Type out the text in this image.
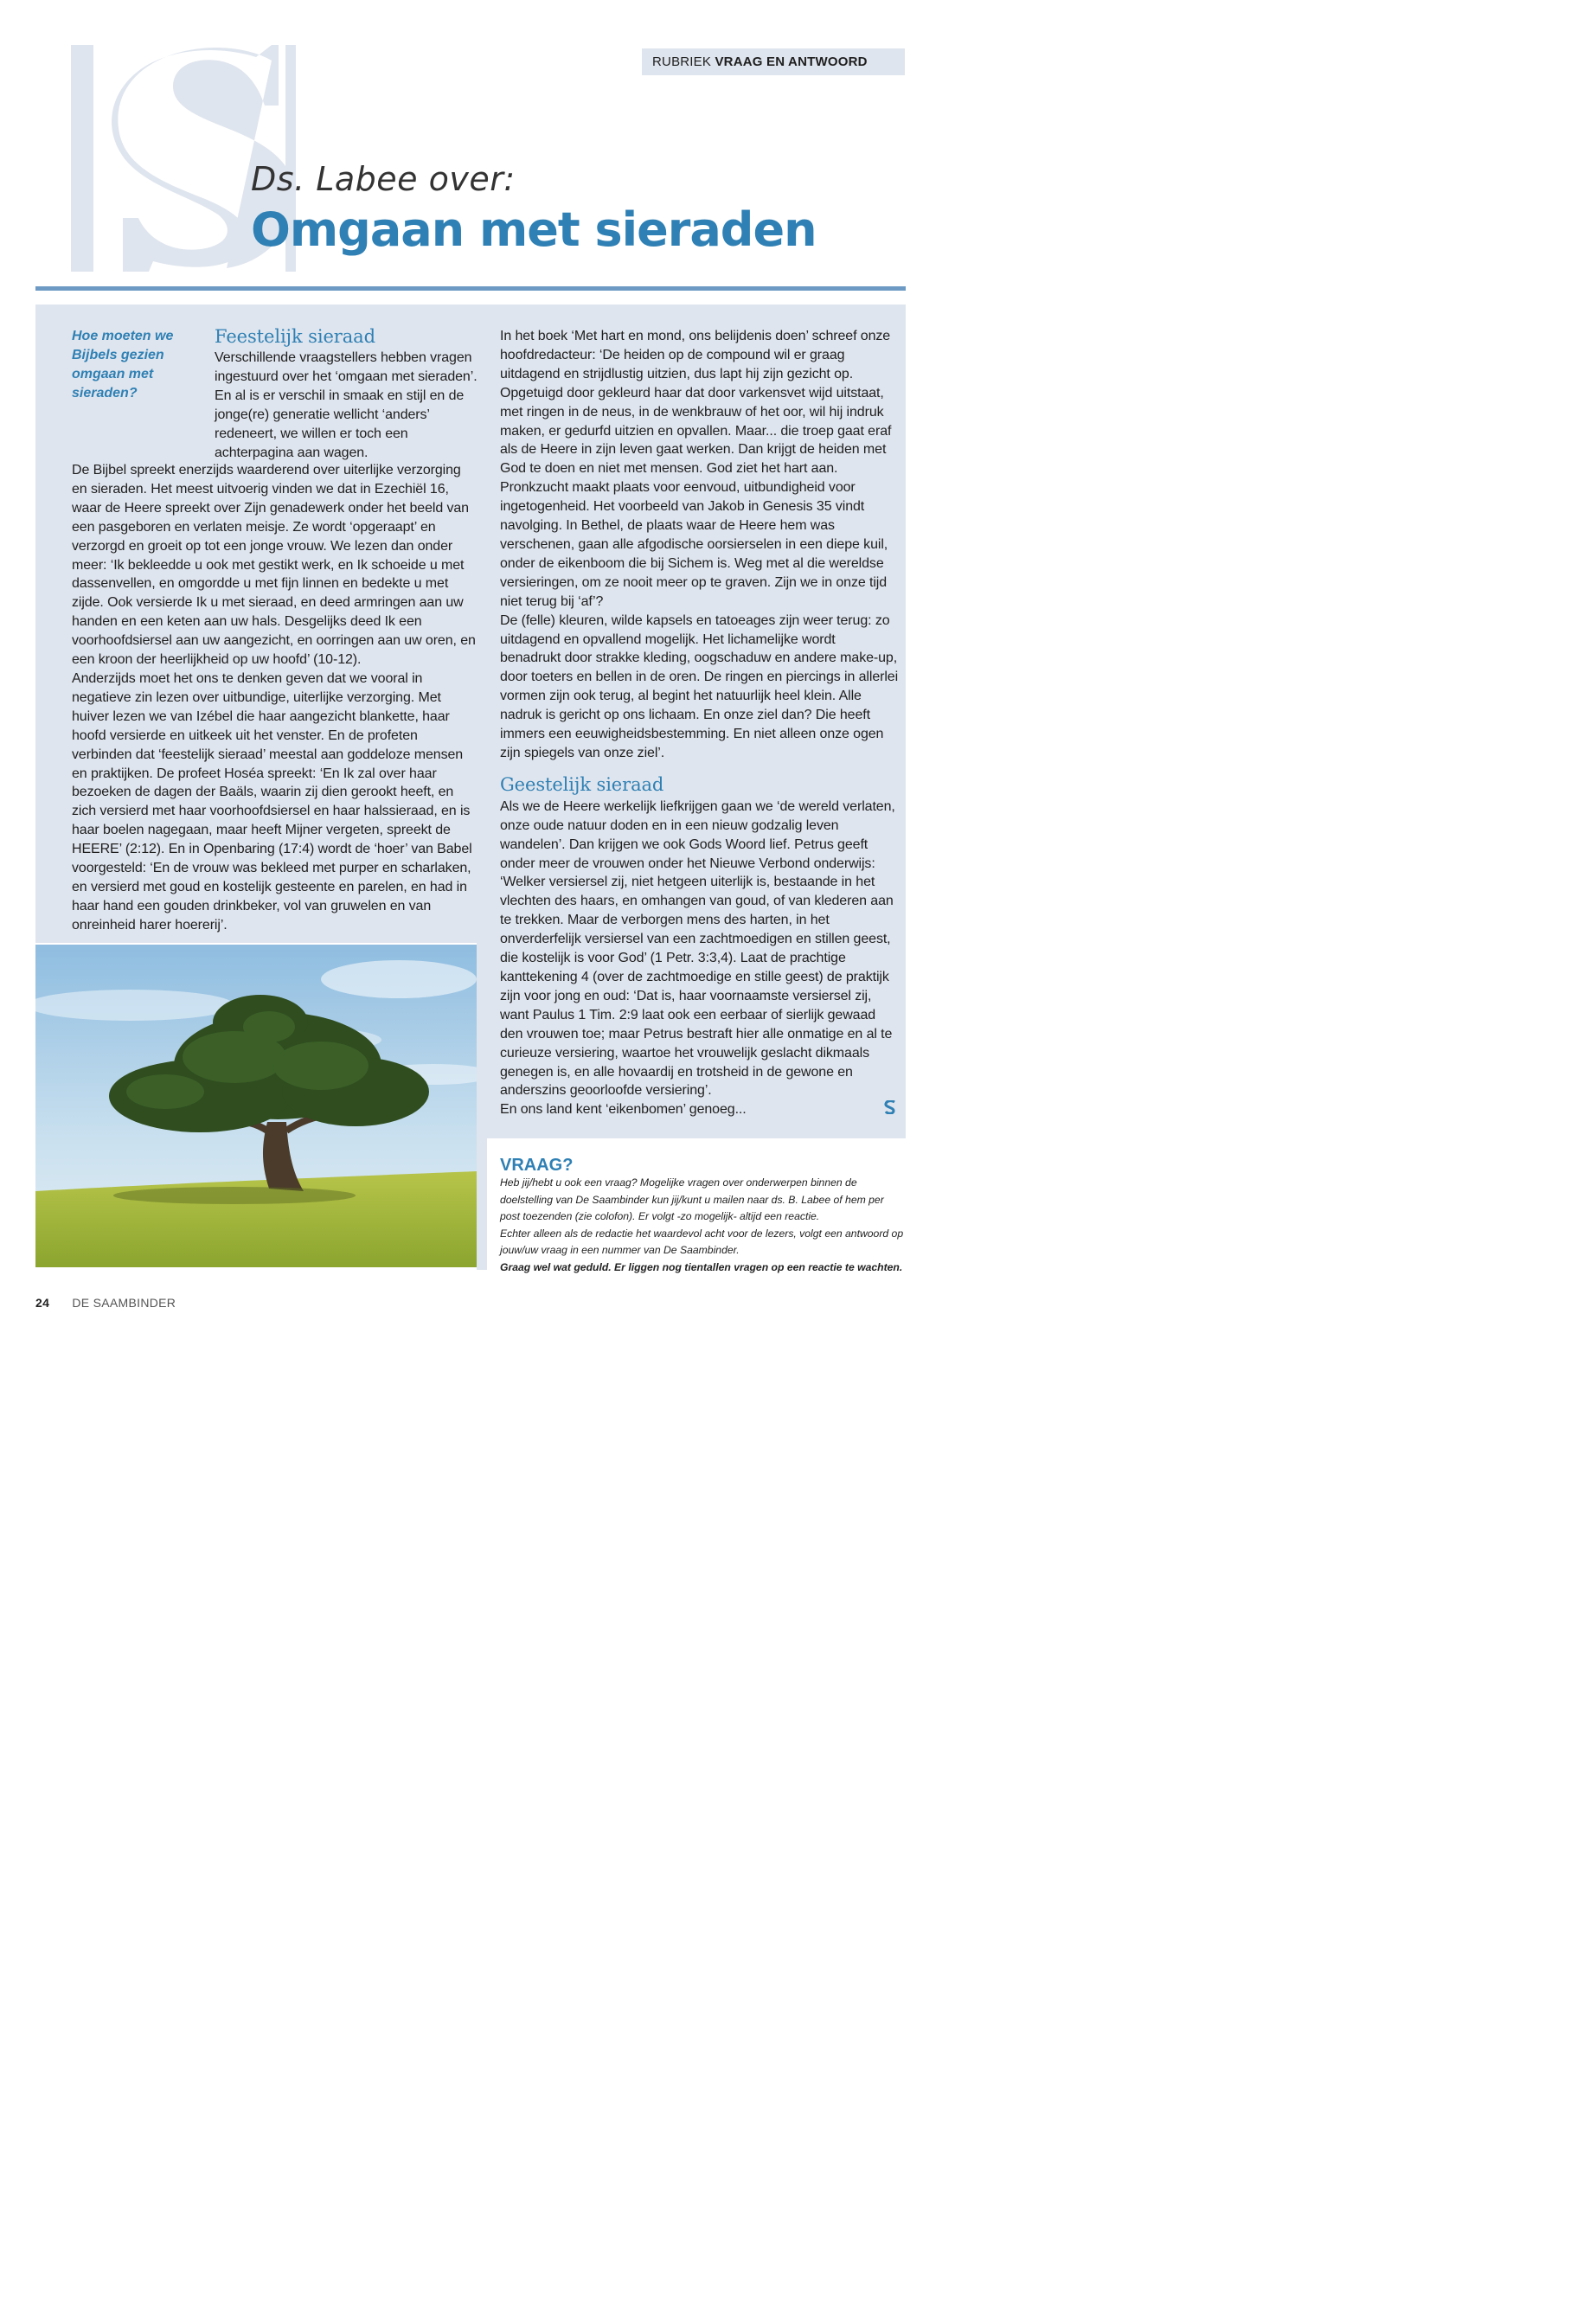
RUBRIEK VRAAG EN ANTWOORD
Ds. Labee over:
Omgaan met sieraden
Hoe moeten we Bijbels gezien omgaan met sieraden?

Feestelijk sieraad

Verschillende vraagstellers hebben vragen ingestuurd over het ‘omgaan met sieraden’. En al is er verschil in smaak en stijl en de jonge(re) generatie wellicht ‘anders’ redeneert, we willen er toch een achterpagina aan wagen.

De Bijbel spreekt enerzijds waarderend over uiterlijke verzorging en sieraden. Het meest uitvoerig vinden we dat in Ezechiël 16, waar de Heere spreekt over Zijn genadewerk onder het beeld van een pasgeboren en verlaten meisje. Ze wordt ‘opgeraapt’ en verzorgd en groeit op tot een jonge vrouw. We lezen dan onder meer: ‘Ik bekleedde u ook met gestikt werk, en Ik schoeide u met dassenvellen, en omgordde u met fijn linnen en bedekte u met zijde. Ook versierde Ik u met sieraad, en deed armringen aan uw handen en een keten aan uw hals. Desgelijks deed Ik een voorhoofdsiersel aan uw aangezicht, en oorringen aan uw oren, en een kroon der heerlijkheid op uw hoofd’ (10-12).

Anderzijds moet het ons te denken geven dat we vooral in negatieve zin lezen over uitbundige, uiterlijke verzorging. Met huiver lezen we van Izébel die haar aangezicht blankette, haar hoofd versierde en uitkeek uit het venster. En de profeten verbinden dat ‘feestelijk sieraad’ meestal aan goddeloze mensen en praktijken. De profeet Hoséa spreekt: ‘En Ik zal over haar bezoeken de dagen der Baäls, waarin zij dien gerookt heeft, en zich versierd met haar voorhoofdsiersel en haar halssieraad, en is haar boelen nagegaan, maar heeft Mijner vergeten, spreekt de HEERE’ (2:12). En in Openbaring (17:4) wordt de ‘hoer’ van Babel voorgesteld: ‘En de vrouw was bekleed met purper en scharlaken, en versierd met goud en kostelijk gesteente en parelen, en had in haar hand een gouden drinkbeker, vol van gruwelen en van onreinheid harer hoererij’.

In het boek ‘Met hart en mond, ons belijdenis doen’ schreef onze hoofdredacteur: ‘De heiden op de compound wil er graag uitdagend en strijdlustig uitzien, dus lapt hij zijn gezicht op. Opgetuigd door gekleurd haar dat door varkensvet wijd uitstaat, met ringen in de neus, in de wenkbrauw of het oor, wil hij indruk maken, er gedurfd uitzien en opvallen. Maar... die troep gaat eraf als de Heere in zijn leven gaat werken. Dan krijgt de heiden met God te doen en niet met mensen. God ziet het hart aan. Pronkzucht maakt plaats voor eenvoud, uitbundigheid voor ingetogenheid. Het voorbeeld van Jakob in Genesis 35 vindt navolging. In Bethel, de plaats waar de Heere hem was verschenen, gaan alle afgodische oorsierselen in een diepe kuil, onder de eikenboom die bij Sichem is. Weg met al die wereldse versieringen, om ze nooit meer op te graven. Zijn we in onze tijd niet terug bij ‘af’?

De (felle) kleuren, wilde kapsels en tatoeages zijn weer terug: zo uitdagend en opvallend mogelijk. Het lichamelijke wordt benadrukt door strakke kleding, oogschaduw en andere make-up, door toeters en bellen in de oren. De ringen en piercings in allerlei vormen zijn ook terug, al begint het natuurlijk heel klein. Alle nadruk is gericht op ons lichaam. En onze ziel dan? Die heeft immers een eeuwigheidsbestemming. En niet alleen onze ogen zijn spiegels van onze ziel’.

Geestelijk sieraad

Als we de Heere werkelijk liefkrijgen gaan we ‘de wereld verlaten, onze oude natuur doden en in een nieuw godzalig leven wandelen’. Dan krijgen we ook Gods Woord lief. Petrus geeft onder meer de vrouwen onder het Nieuwe Verbond onderwijs: ‘Welker versiersel zij, niet hetgeen uiterlijk is, bestaande in het vlechten des haars, en omhangen van goud, of van klederen aan te trekken. Maar de verborgen mens des harten, in het onverderfelijk versiersel van een zachtmoedigen en stillen geest, die kostelijk is voor God’ (1 Petr. 3:3,4). Laat de prachtige kanttekening 4 (over de zachtmoedige en stille geest) de praktijk zijn voor jong en oud: ‘Dat is, haar voornaamste versiersel zij, want Paulus 1 Tim. 2:9 laat ook een eerbaar of sierlijk gewaad den vrouwen toe; maar Petrus bestraft hier alle onmatige en al te curieuze versiering, waartoe het vrouwelijk geslacht dikmaals genegen is, en alle hovaardij en trotsheid in de gewone en anderszins geoorloofde versiering’.

En ons land kent ‘eikenbomen’ genoeg...

VRAAG?

Heb jij/hebt u ook een vraag? Mogelijke vragen over onderwerpen binnen de doelstelling van De Saambinder kun jij/kunt u mailen naar ds. B. Labee of hem per post toezenden (zie colofon). Er volgt -zo mogelijk- altijd een reactie.

Echter alleen als de redactie het waardevol acht voor de lezers, volgt een antwoord op jouw/uw vraag in een nummer van De Saambinder.

Graag wel wat geduld. Er liggen nog tientallen vragen op een reactie te wachten.

24 DE SAAMBINDER
